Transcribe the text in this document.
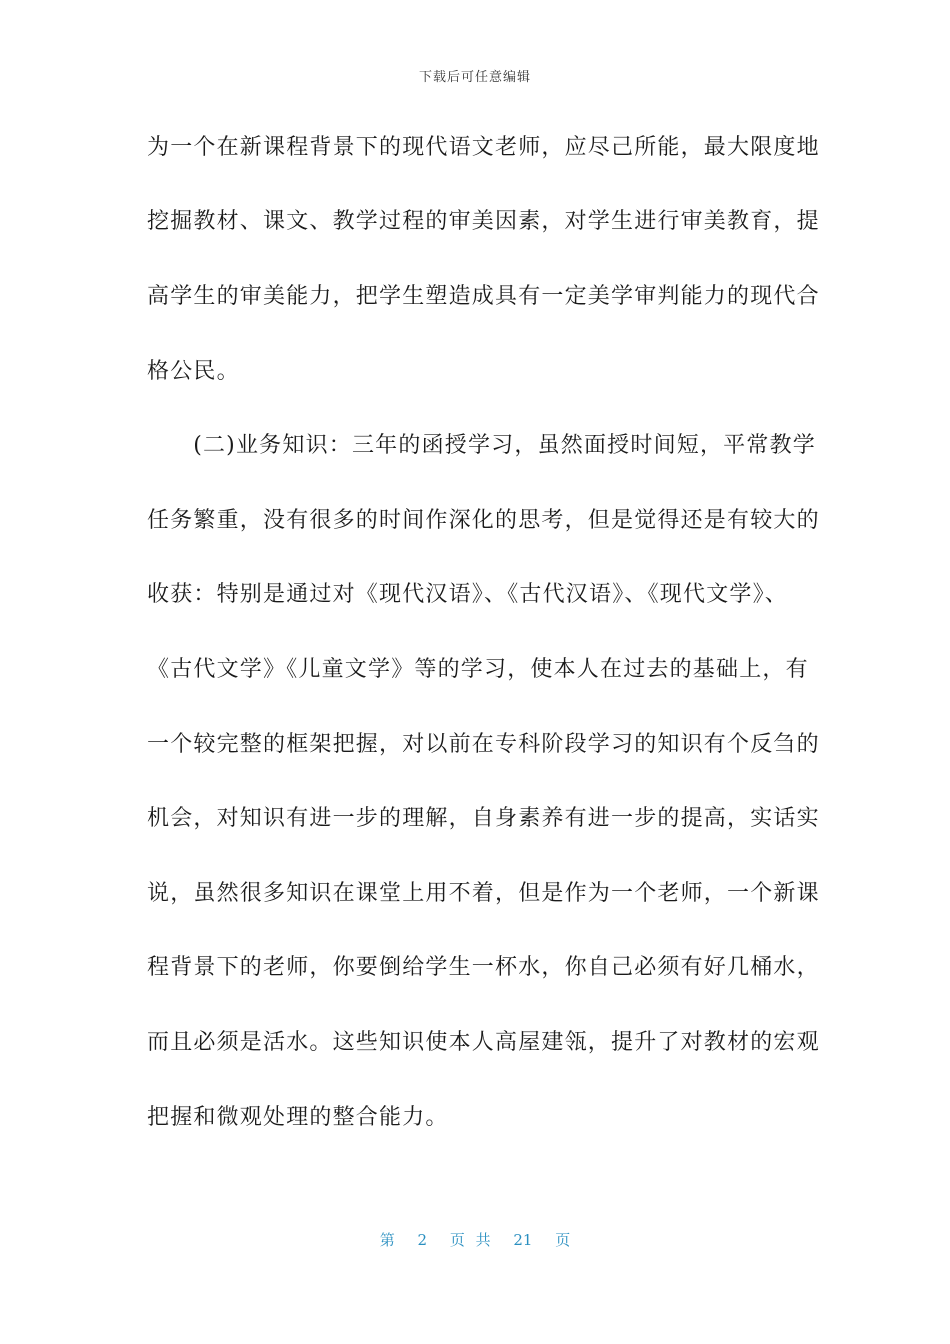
下载后可任意编辑
为一个在新课程背景下的现代语文老师，应尽己所能，最大限度地
挖掘教材、课文、教学过程的审美因素，对学生进行审美教育，提
高学生的审美能力，把学生塑造成具有一定美学审判能力的现代合
格公民。
　(二)业务知识：三年的函授学习，虽然面授时间短，平常教学
任务繁重，没有很多的时间作深化的思考，但是觉得还是有较大的
收获：特别是通过对《现代汉语》、《古代汉语》、《现代文学》、
《古代文学》《儿童文学》等的学习，使本人在过去的基础上，有
一个较完整的框架把握，对以前在专科阶段学习的知识有个反刍的
机会，对知识有进一步的理解，自身素养有进一步的提高，实话实
说，虽然很多知识在课堂上用不着，但是作为一个老师，一个新课
程背景下的老师，你要倒给学生一杯水，你自己必须有好几桶水，
而且必须是活水。这些知识使本人高屋建瓴，提升了对教材的宏观
把握和微观处理的整合能力。
第 2 页 共 21 页
